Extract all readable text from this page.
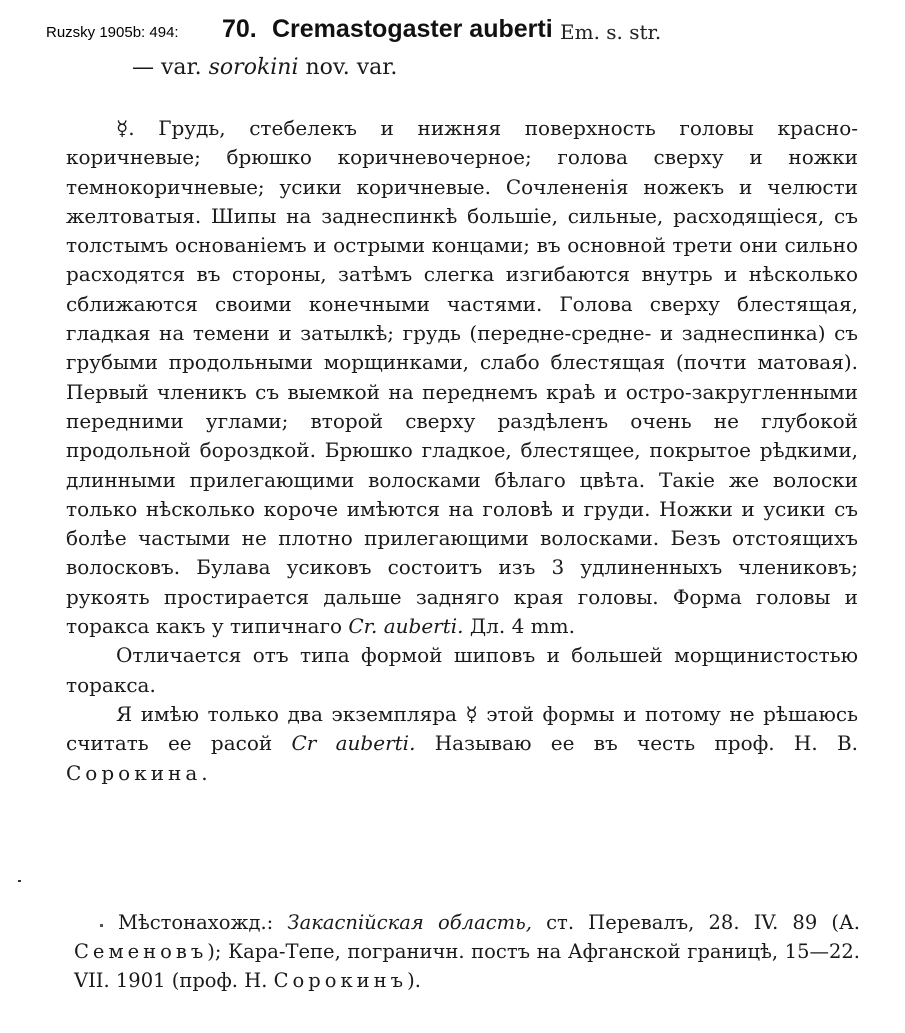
Ruzsky 1905b: 494: 70. Cremastogaster auberti Em. s. str.
— var. sorokini nov. var.

☿. Грудь, стебелекъ и нижняя поверхность головы красно-коричневые; брюшко коричневочерное; голова сверху и ножки темнокоричневые; усики коричневые. Сочлененія ножекъ и челюсти желтоватыя. Шипы на заднеспинкѣ большіе, сильные, расходящіеся, съ толстымъ основаніемъ и острыми концами; въ основной трети они сильно расходятся въ стороны, затѣмъ слегка изгибаются внутрь и нѣсколько сближаются своими конечными частями. Голова сверху блестящая, гладкая на темени и затылкѣ; грудь (передне-средне- и заднеспинка) съ грубыми продольными морщинками, слабо блестящая (почти матовая). Первый членикъ съ выемкой на переднемъ краѣ и остро-закругленными передними углами; второй сверху раздѣленъ очень не глубокой продольной бороздкой. Брюшко гладкое, блестящее, покрытое рѣдкими, длинными прилегающими волосками бѣлаго цвѣта. Такіе же волоски только нѣсколько короче имѣются на головѣ и груди. Ножки и усики съ болѣе частыми не плотно прилегающими волосками. Безъ отстоящихъ волосковъ. Булава усиковъ состоитъ изъ 3 удлиненныхъ члениковъ; рукоять простирается дальше задняго края головы. Форма головы и торакса какъ у типичнаго Cr. auberti. Дл. 4 mm.

Отличается отъ типа формой шиповъ и большей морщинистостью торакса.

Я имѣю только два экземпляра ☿ этой формы и потому не рѣшаюсь считать ее расой Cr auberti. Называю ее въ честь проф. Н. В. Сорокина.

Мѣстонахожд.: Закаспійская область, ст. Перевалъ, 28. IV. 89 (А. Семеновъ); Кара-Тепе, пограничн. постъ на Афганской границѣ, 15—22. VII. 1901 (проф. Н. Сорокинъ).
